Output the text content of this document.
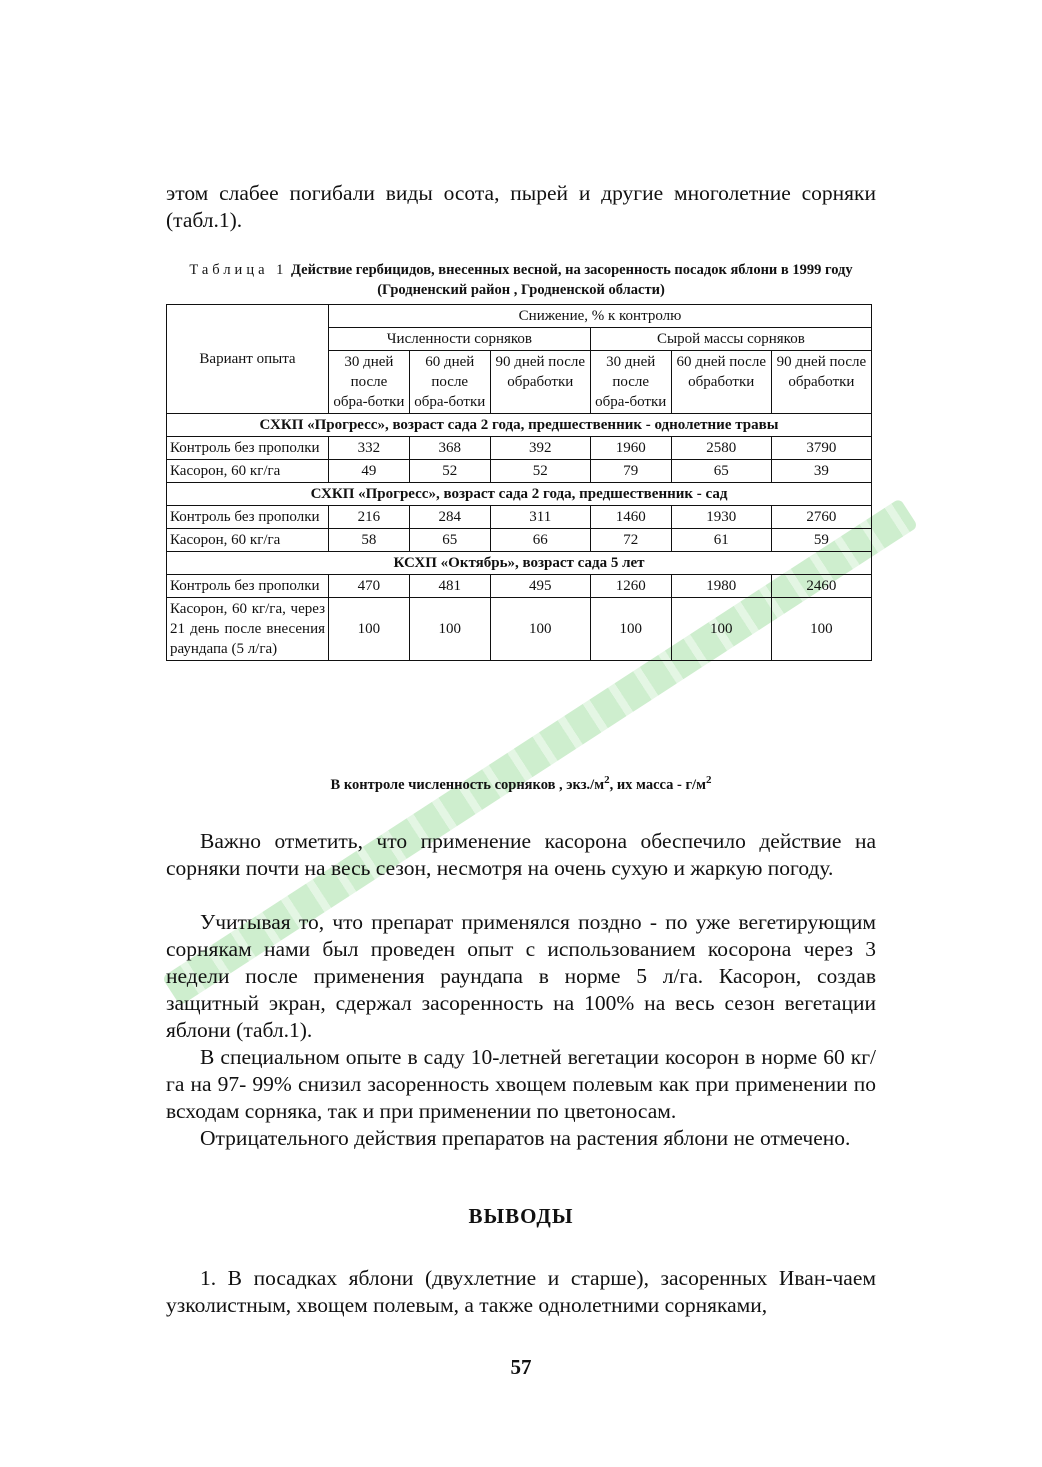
этом слабее погибали виды осота, пырей и другие многолетние сорняки (табл.1).
Таблица 1 Действие гербицидов, внесенных весной, на засоренность посадок яблони в 1999 году (Гродненский район , Гродненской области)
Вариант опыта	Снижение, % к контролю					
	Численности сорняков			Сырой массы сорняков		
	30 дней после обра-ботки	60 дней после обра-ботки	90 дней после обработки	30 дней после обра-ботки	60 дней после обработки	90 дней после обработки
СХКП «Прогресс», возраст сада 2 года, предшественник - однолетние травы						
Контроль без прополки	332	368	392	1960	2580	3790
Касорон, 60 кг/га	49	52	52	79	65	39
СХКП «Прогресс», возраст сада 2 года, предшественник - сад						
Контроль без прополки	216	284	311	1460	1930	2760
Касорон, 60 кг/га	58	65	66	72	61	59
КСХП «Октябрь», возраст сада 5 лет						
Контроль без прополки	470	481	495	1260	1980	2460
Касорон, 60 кг/га, через 21 день после внесения раундапа (5 л/га)	100	100	100	100	100	100
В контроле численность сорняков , $экз./м^2$, их масса - $г/м^2$
Важно отметить, что применение касорона обеспечило действие на сорняки почти на весь сезон, несмотря на очень сухую и жаркую погоду.
Учитывая то, что препарат применялся поздно - по уже вегетирующим сорнякам нами был проведен опыт с использованием косорона через 3 недели после применения раундапа в норме 5 л/га. Касорон, создав защитный экран, сдержал засоренность на 100% на весь сезон вегетации яблони (табл.1).
В специальном опыте в саду 10-летней вегетации косорон в норме 60 кг/га на 97- 99% снизил засоренность хвощем полевым как при применении по всходам сорняка, так и при применении по цветоносам.
Отрицательного действия препаратов на растения яблони не отмечено.
ВЫВОДЫ
1. В посадках яблони (двухлетние и старше), засоренных Иван-чаем узколистным, хвощем полевым, а также однолетними сорняками,
57
